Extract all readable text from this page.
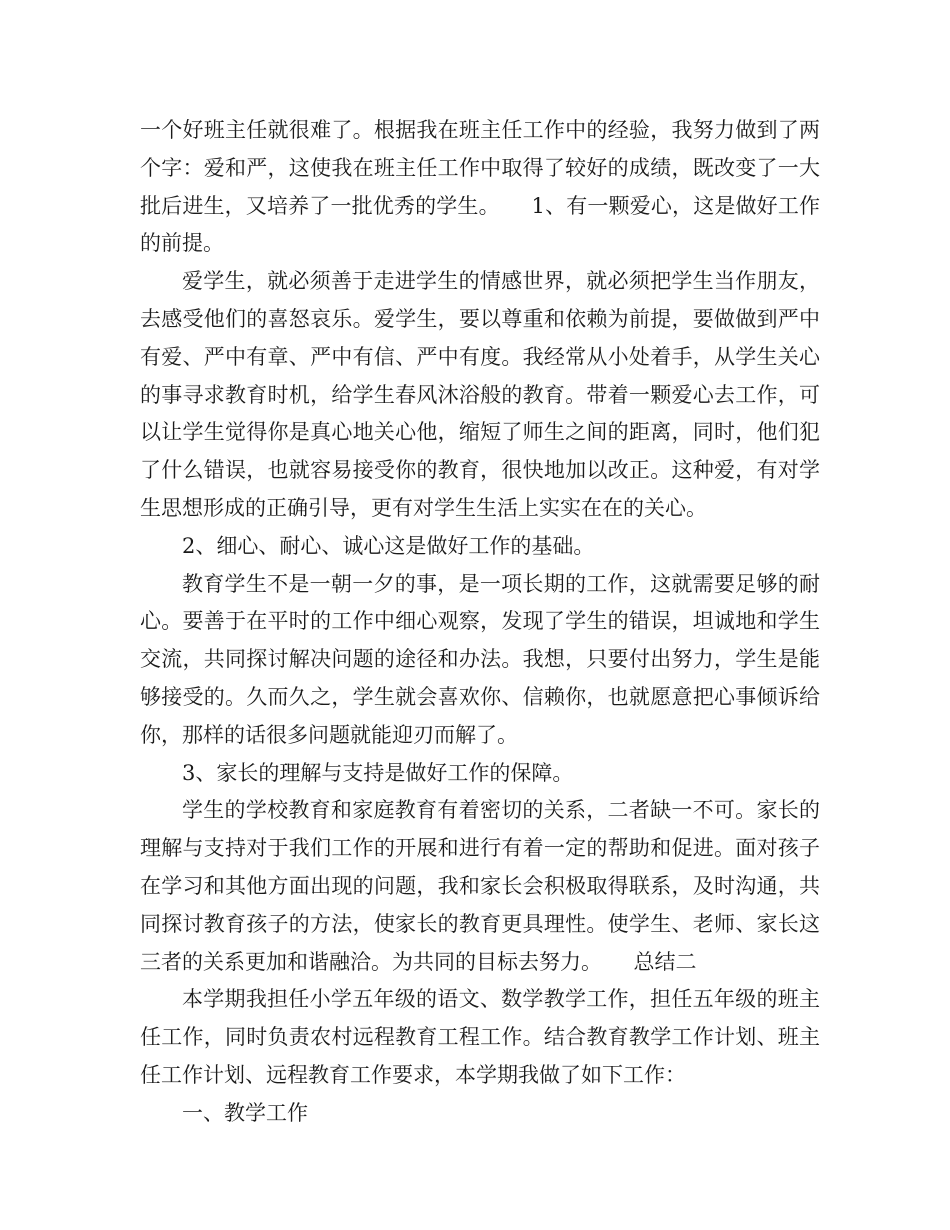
一个好班主任就很难了。根据我在班主任工作中的经验，我努力做到了两个字：爱和严，这使我在班主任工作中取得了较好的成绩，既改变了一大批后进生，又培养了一批优秀的学生。　　1、有一颗爱心，这是做好工作的前提。

爱学生，就必须善于走进学生的情感世界，就必须把学生当作朋友，去感受他们的喜怒哀乐。爱学生，要以尊重和依赖为前提，要做做到严中有爱、严中有章、严中有信、严中有度。我经常从小处着手，从学生关心的事寻求教育时机，给学生春风沐浴般的教育。带着一颗爱心去工作，可以让学生觉得你是真心地关心他，缩短了师生之间的距离，同时，他们犯了什么错误，也就容易接受你的教育，很快地加以改正。这种爱，有对学生思想形成的正确引导，更有对学生生活上实实在在的关心。

2、细心、耐心、诚心这是做好工作的基础。

教育学生不是一朝一夕的事，是一项长期的工作，这就需要足够的耐心。要善于在平时的工作中细心观察，发现了学生的错误，坦诚地和学生交流，共同探讨解决问题的途径和办法。我想，只要付出努力，学生是能够接受的。久而久之，学生就会喜欢你、信赖你，也就愿意把心事倾诉给你，那样的话很多问题就能迎刃而解了。

3、家长的理解与支持是做好工作的保障。

学生的学校教育和家庭教育有着密切的关系，二者缺一不可。家长的理解与支持对于我们工作的开展和进行有着一定的帮助和促进。面对孩子在学习和其他方面出现的问题，我和家长会积极取得联系，及时沟通，共同探讨教育孩子的方法，使家长的教育更具理性。使学生、老师、家长这三者的关系更加和谐融洽。为共同的目标去努力。　　总结二

本学期我担任小学五年级的语文、数学教学工作，担任五年级的班主任工作，同时负责农村远程教育工程工作。结合教育教学工作计划、班主任工作计划、远程教育工作要求，本学期我做了如下工作：

一、教学工作
